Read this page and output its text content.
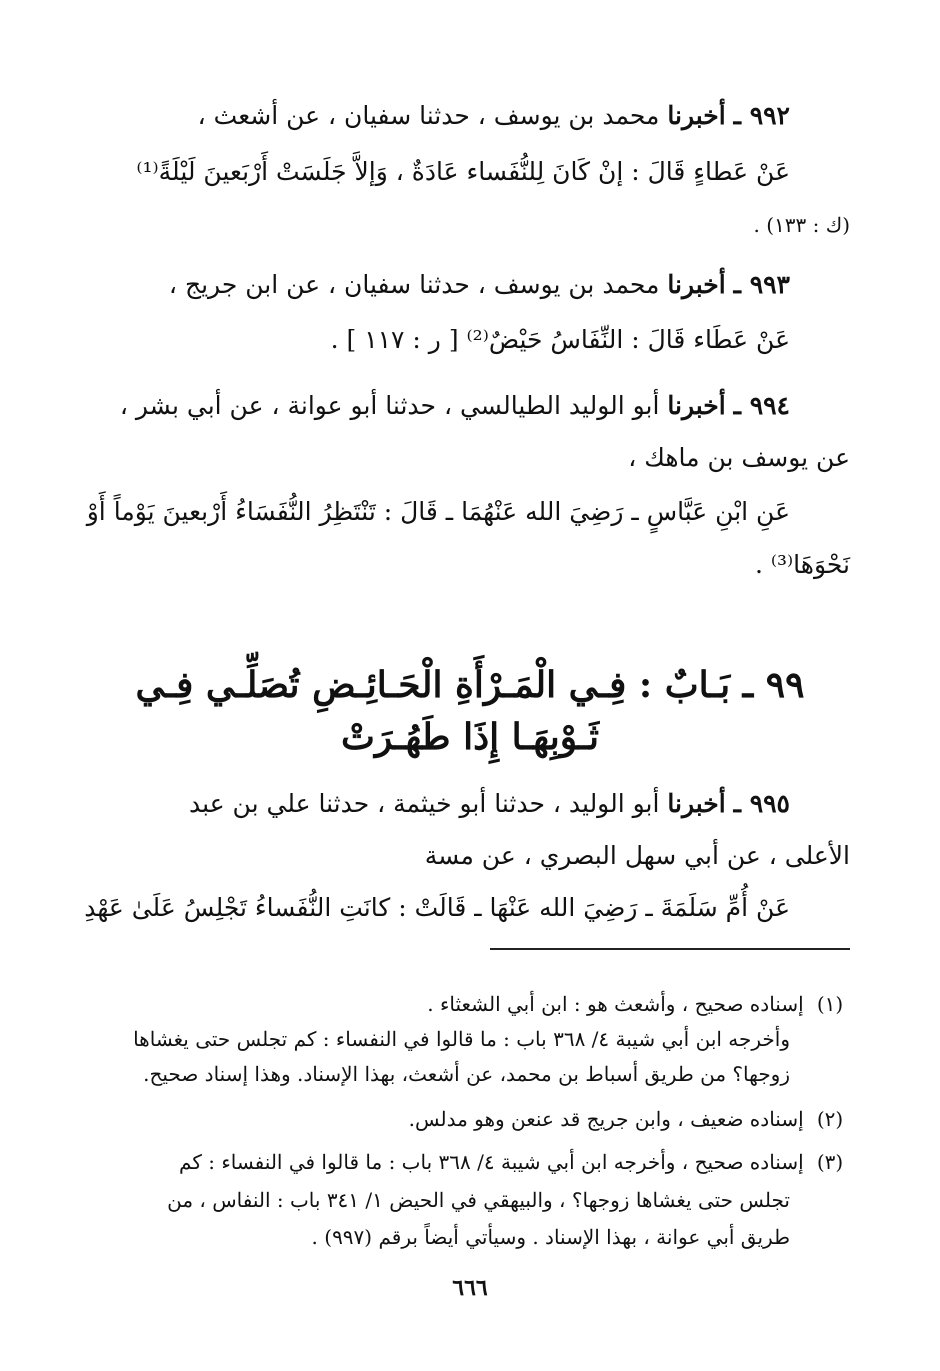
٩٩٢ ـ أخبرنا محمد بن يوسف ، حدثنا سفيان ، عن أشعث ،
عَنْ عَطاءٍ قَالَ : إنْ كَانَ لِلنُّفَساء عَادَةٌ ، وَإلاَّ جَلَسَتْ أَرْبَعينَ لَيْلَةً⁽¹⁾
(ك : ١٣٣) .
٩٩٣ ـ أخبرنا محمد بن يوسف ، حدثنا سفيان ، عن ابن جريج ،
عَنْ عَطَاء قَالَ : النِّفَاسُ حَيْضٌ⁽²⁾ [ ر : ١١٧ ] .
٩٩٤ ـ أخبرنا أبو الوليد الطيالسي ، حدثنا أبو عوانة ، عن أبي بشر ،
عن يوسف بن ماهك ،
عَنِ ابْنِ عَبَّاسٍ ـ رَضِيَ الله عَنْهُمَا ـ قَالَ : تَنْتَظِرُ النُّفَسَاءُ أَرْبعينَ يَوْماً أَوْ
نَحْوَهَا⁽³⁾ .
٩٩ ـ بَـابٌ : فِـي الْمَـرْأَةِ الْحَـائِـضِ تُصَلِّـي فِـي
ثَـوْبِهَـا إِذَا طَهُـرَتْ
٩٩٥ ـ أخبرنا أبو الوليد ، حدثنا أبو خيثمة ، حدثنا علي بن عبد
الأعلى ، عن أبي سهل البصري ، عن مسة
عَنْ أُمِّ سَلَمَةَ ـ رَضِيَ الله عَنْهَا ـ قَالَتْ : كانَتِ النُّفَساءُ تَجْلِسُ عَلَىٰ عَهْدِ
(١) إسناده صحيح ، وأشعث هو : ابن أبي الشعثاء .
وأخرجه ابن أبي شيبة ٤/ ٣٦٨ باب : ما قالوا في النفساء : كم تجلس حتى يغشاها
زوجها؟ من طريق أسباط بن محمد، عن أشعث، بهذا الإسناد. وهذا إسناد صحيح.
(٢) إسناده ضعيف ، وابن جريج قد عنعن وهو مدلس.
(٣) إسناده صحيح ، وأخرجه ابن أبي شيبة ٤/ ٣٦٨ باب : ما قالوا في النفساء : كم
تجلس حتى يغشاها زوجها؟ ، والبيهقي في الحيض ١/ ٣٤١ باب : النفاس ، من
طريق أبي عوانة ، بهذا الإسناد . وسيأتي أيضاً برقم (٩٩٧) .
٦٦٦
